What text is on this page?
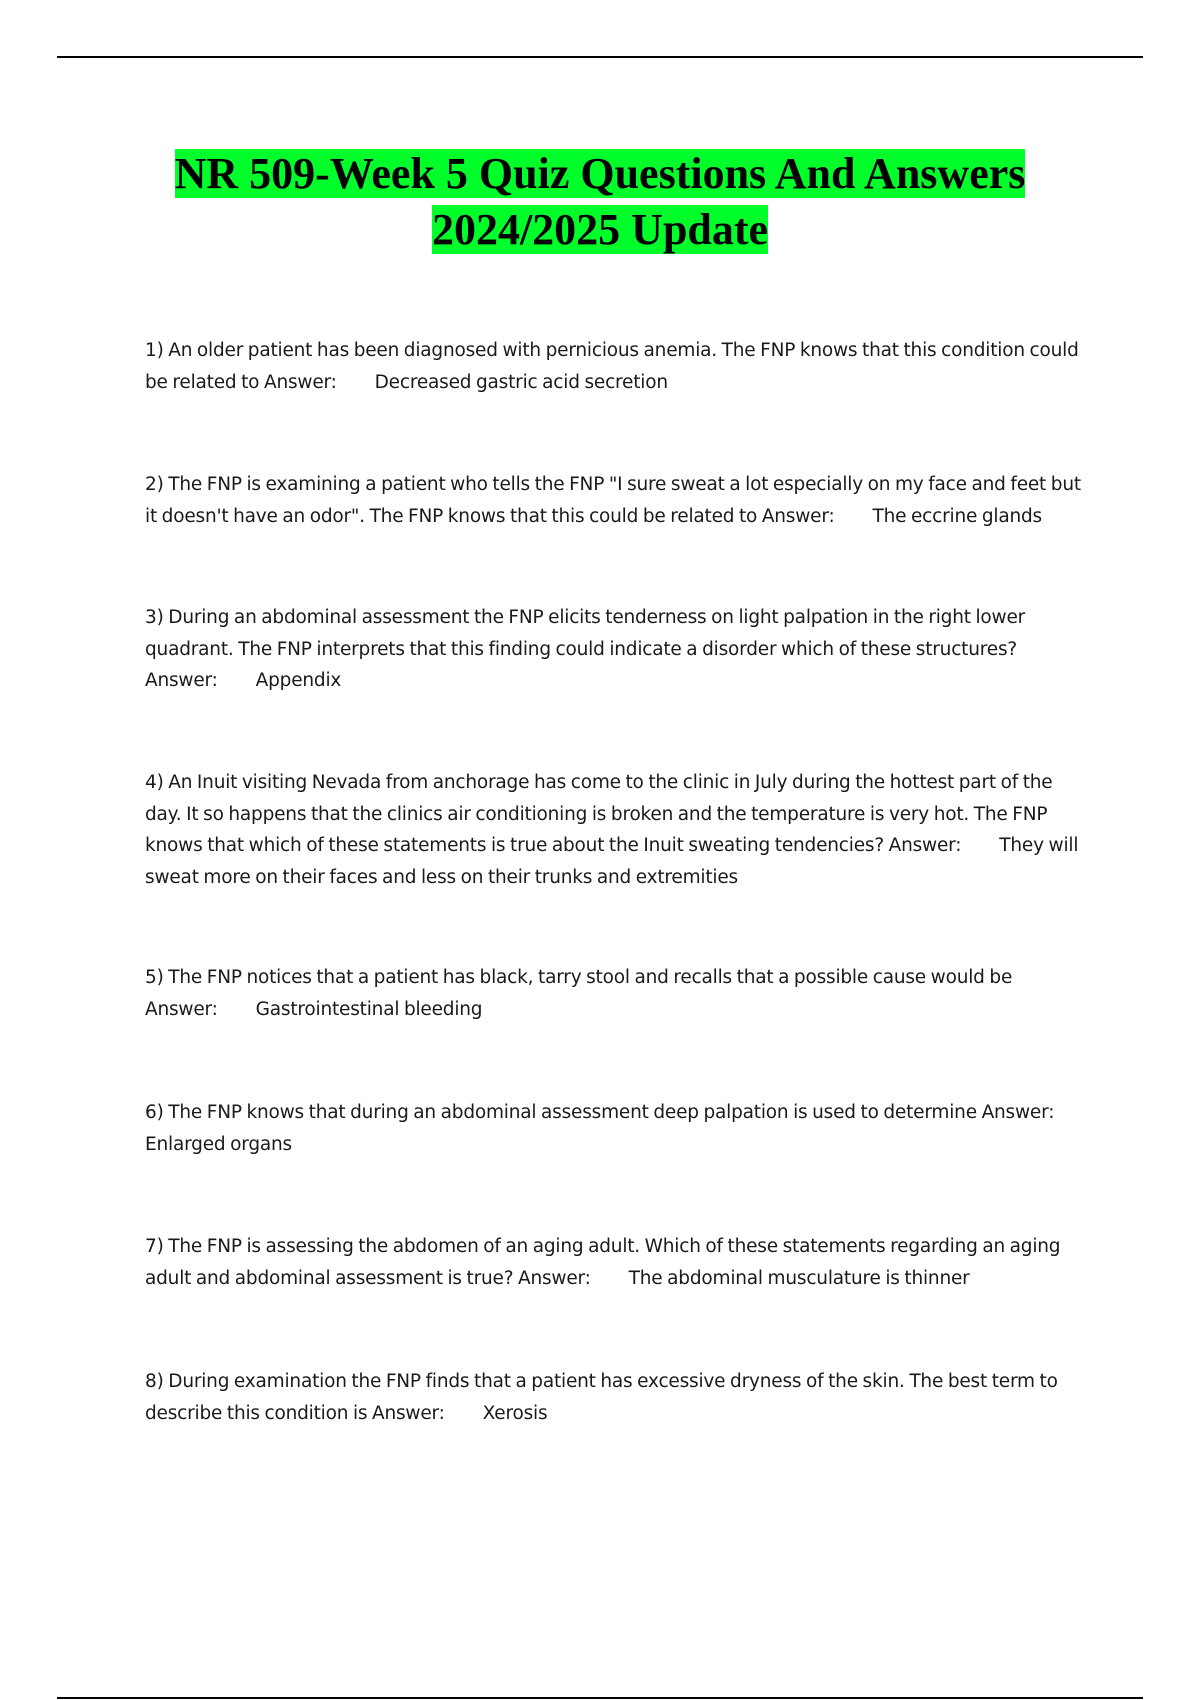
NR 509-Week 5 Quiz Questions And Answers
2024/2025 Update

1) An older patient has been diagnosed with pernicious anemia. The FNP knows that this condition could be related to Answer: Decreased gastric acid secretion

2) The FNP is examining a patient who tells the FNP "I sure sweat a lot especially on my face and feet but it doesn't have an odor". The FNP knows that this could be related to Answer: The eccrine glands

3) During an abdominal assessment the FNP elicits tenderness on light palpation in the right lower quadrant. The FNP interprets that this finding could indicate a disorder which of these structures?
Answer: Appendix

4) An Inuit visiting Nevada from anchorage has come to the clinic in July during the hottest part of the day. It so happens that the clinics air conditioning is broken and the temperature is very hot. The FNP knows that which of these statements is true about the Inuit sweating tendencies? Answer: They will sweat more on their faces and less on their trunks and extremities

5) The FNP notices that a patient has black, tarry stool and recalls that a possible cause would be
Answer: Gastrointestinal bleeding

6) The FNP knows that during an abdominal assessment deep palpation is used to determine Answer:
Enlarged organs

7) The FNP is assessing the abdomen of an aging adult. Which of these statements regarding an aging adult and abdominal assessment is true? Answer: The abdominal musculature is thinner

8) During examination the FNP finds that a patient has excessive dryness of the skin. The best term to describe this condition is Answer: Xerosis
